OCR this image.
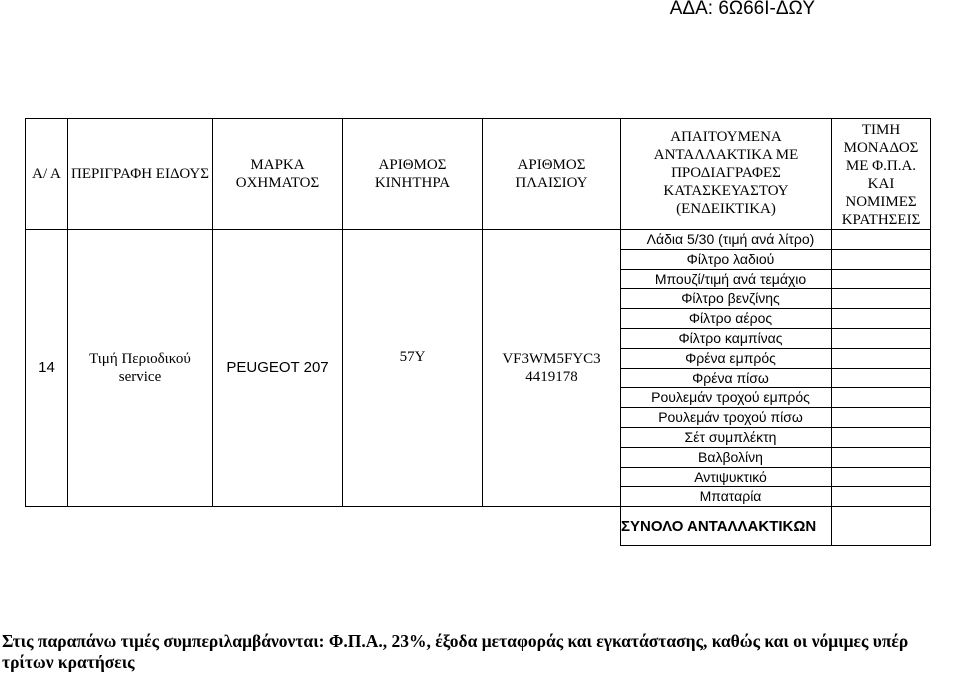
ΑΔΑ: 6Ω66Ι-ΔΩΥ
Α/ Α	ΠΕΡΙΓΡΑΦΗ ΕΙΔΟΥΣ	ΜΑΡΚΑ ΟΧΗΜΑΤΟΣ	ΑΡΙΘΜΟΣ ΚΙΝΗΤΗΡΑ	ΑΡΙΘΜΟΣ ΠΛΑΙΣΙΟΥ	ΑΠΑΙΤΟΥΜΕΝΑ ΑΝΤΑΛΛΑΚΤΙΚΑ ΜΕ ΠΡΟΔΙΑΓΡΑΦΕΣ ΚΑΤΑΣΚΕΥΑΣΤΟΥ (ΕΝΔΕΙΚΤΙΚΑ)	ΤΙΜΗ ΜΟΝΑΔΟΣ ΜΕ Φ.Π.Α. ΚΑΙ ΝΟΜΙΜΕΣ ΚΡΑΤΗΣΕΙΣ
14	Τιμή Περιοδικού service	PEUGEOT 207	57Y	VF3WM5FYC3 4419178	Λάδια 5/30 (τιμή ανά λίτρο)	
					Φίλτρο λαδιού	
					Μπουζί/τιμή ανά τεμάχιο	
					Φίλτρο βενζίνης	
					Φίλτρο αέρος	
					Φίλτρο καμπίνας	
					Φρένα εμπρός	
					Φρένα πίσω	
					Ρουλεμάν τροχού εμπρός	
					Ρουλεμάν τροχού πίσω	
					Σέτ συμπλέκτη	
					Βαλβολίνη	
					Αντιψυκτικό	
					Μπαταρία	
					ΣΥΝΟΛΟ ΑΝΤΑΛΛΑΚΤΙΚΩΝ	
Στις παραπάνω τιμές συμπεριλαμβάνονται: Φ.Π.Α., 23%, έξοδα μεταφοράς και εγκατάστασης, καθώς και οι νόμιμες υπέρ τρίτων κρατήσεις
